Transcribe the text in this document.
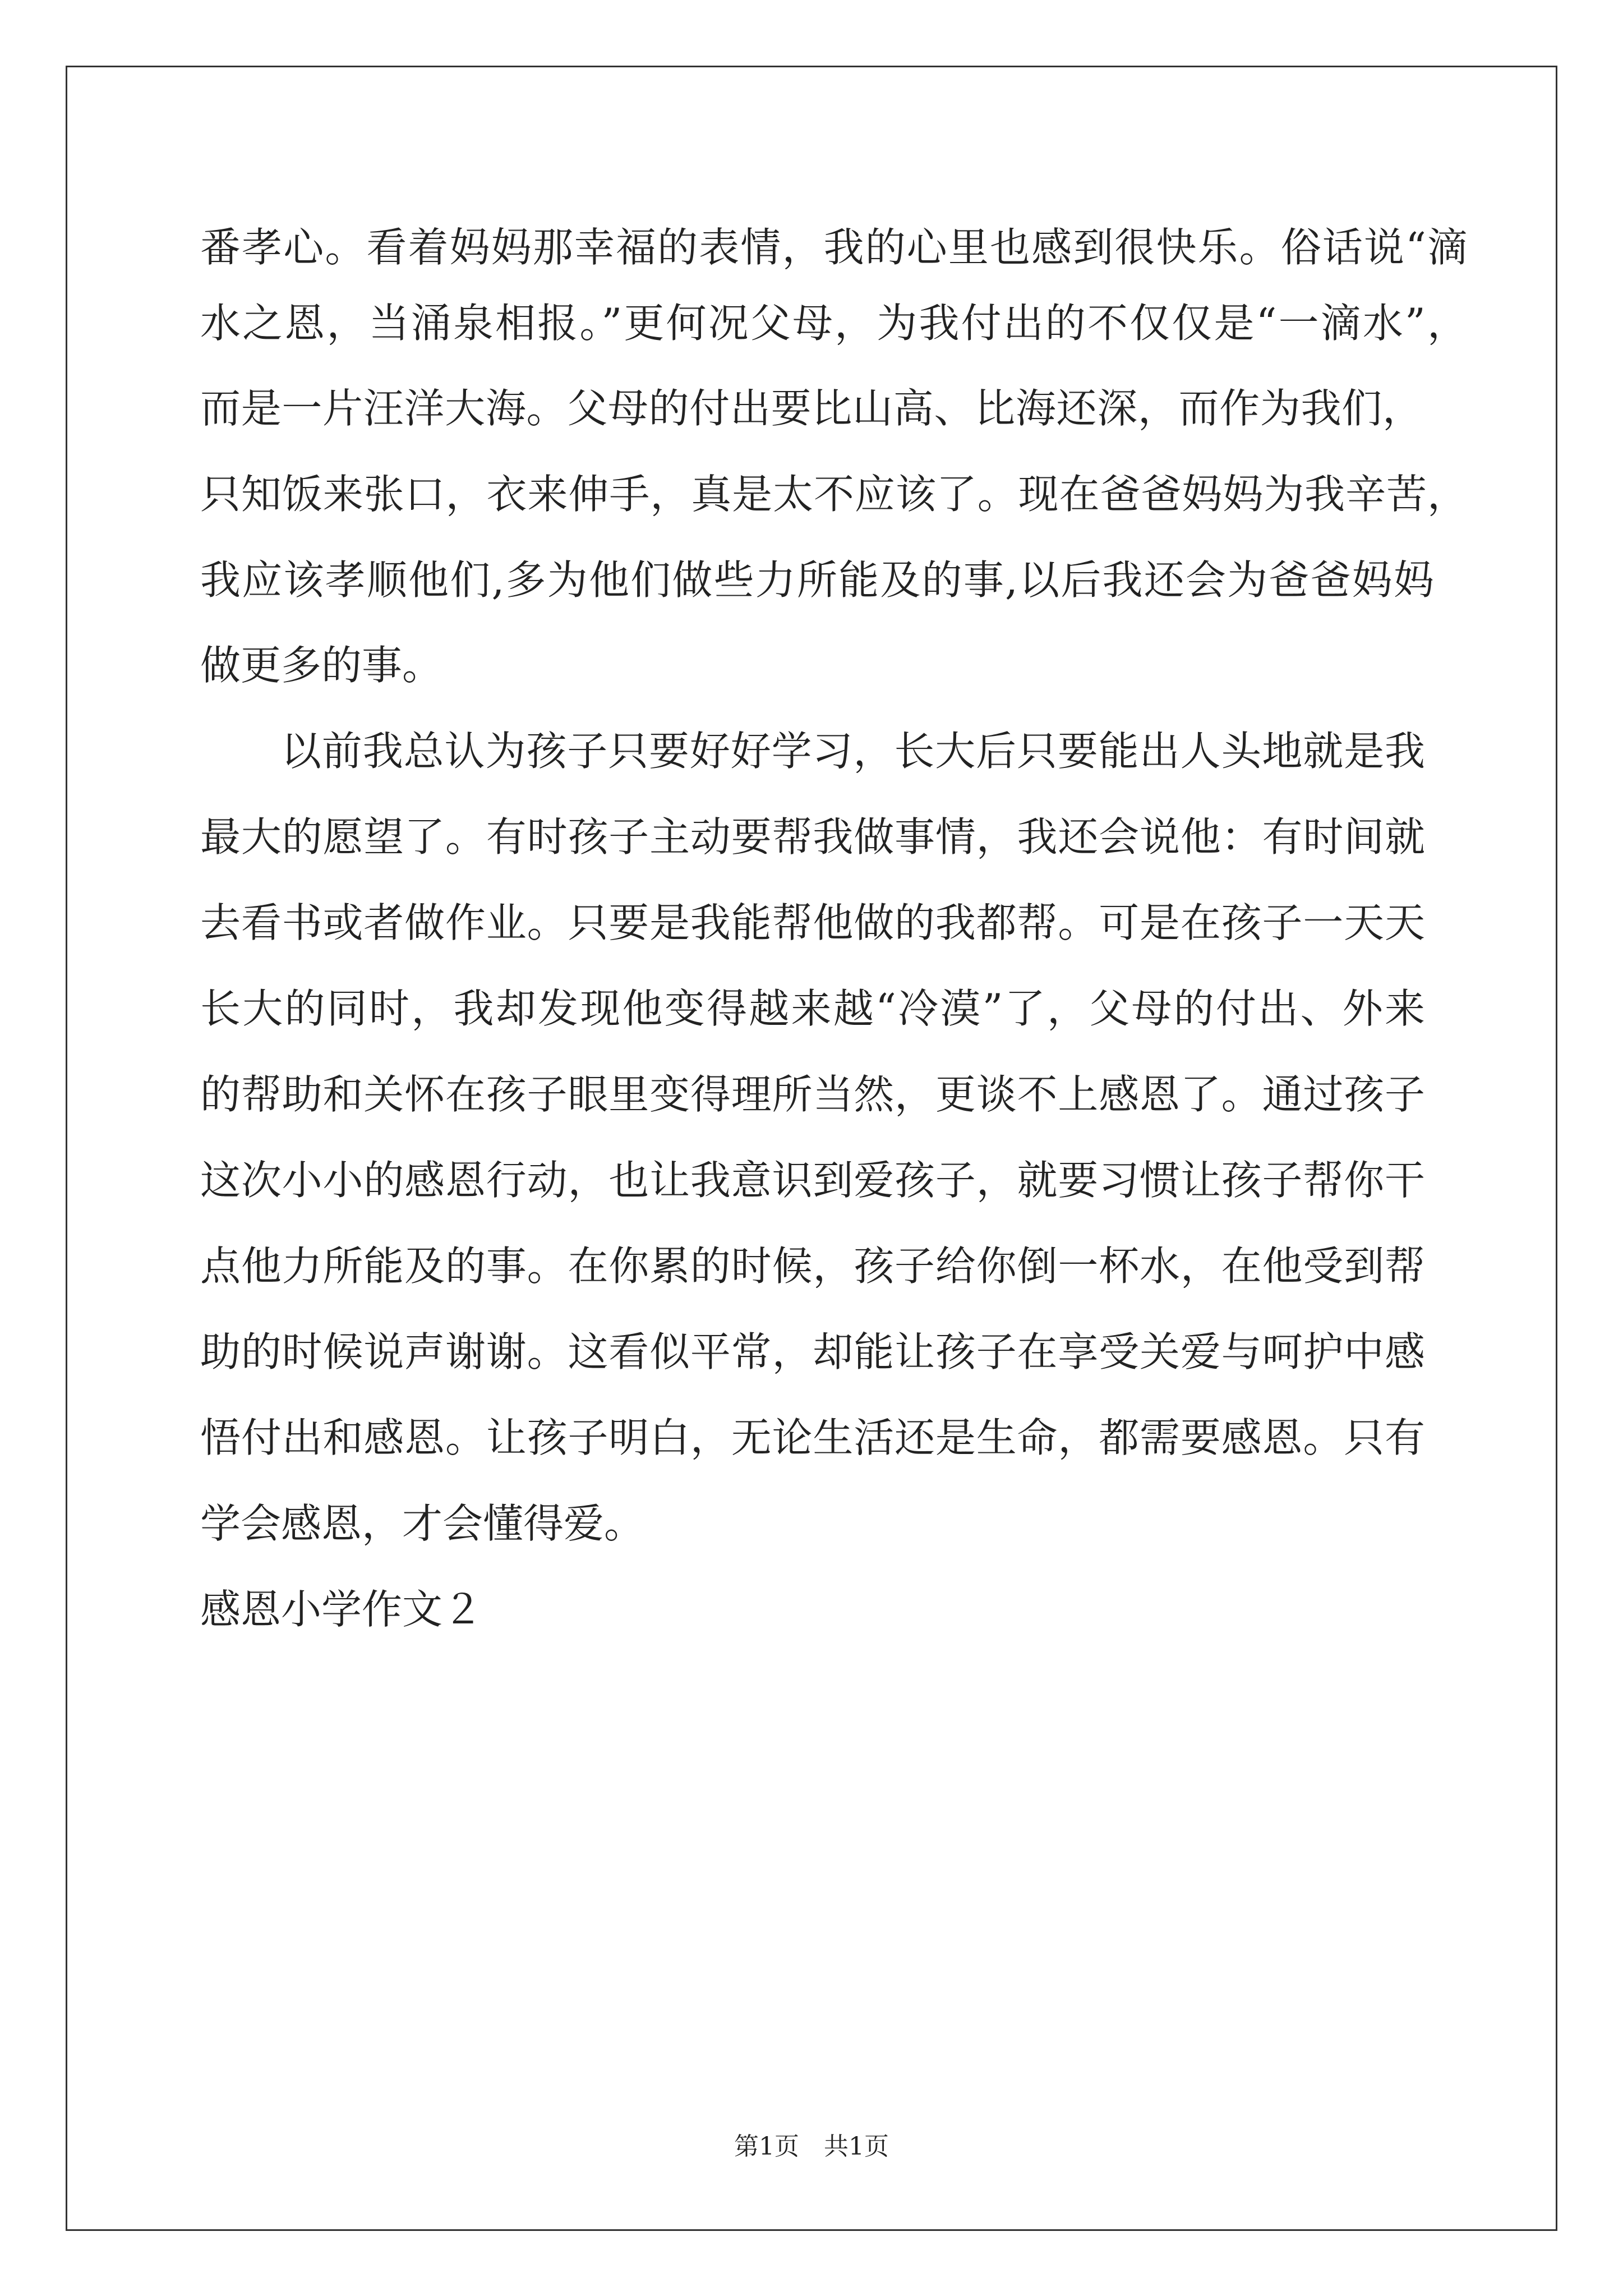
番孝心。看着妈妈那幸福的表情，我的心里也感到很快乐。俗话说“滴
水之恩，当涌泉相报。”更何况父母，为我付出的不仅仅是“一滴水”，
而是一片汪洋大海。父母的付出要比山高、比海还深，而作为我们，
只知饭来张口，衣来伸手，真是太不应该了。现在爸爸妈妈为我辛苦，
我应该孝顺他们,多为他们做些力所能及的事,以后我还会为爸爸妈妈
做更多的事。
以前我总认为孩子只要好好学习，长大后只要能出人头地就是我
最大的愿望了。有时孩子主动要帮我做事情，我还会说他：有时间就
去看书或者做作业。只要是我能帮他做的我都帮。可是在孩子一天天
长大的同时，我却发现他变得越来越“冷漠”了，父母的付出、外来
的帮助和关怀在孩子眼里变得理所当然，更谈不上感恩了。通过孩子
这次小小的感恩行动，也让我意识到爱孩子，就要习惯让孩子帮你干
点他力所能及的事。在你累的时候，孩子给你倒一杯水，在他受到帮
助的时候说声谢谢。这看似平常，却能让孩子在享受关爱与呵护中感
悟付出和感恩。让孩子明白，无论生活还是生命，都需要感恩。只有
学会感恩，才会懂得爱。
感恩小学作文２
第1页　共1页
